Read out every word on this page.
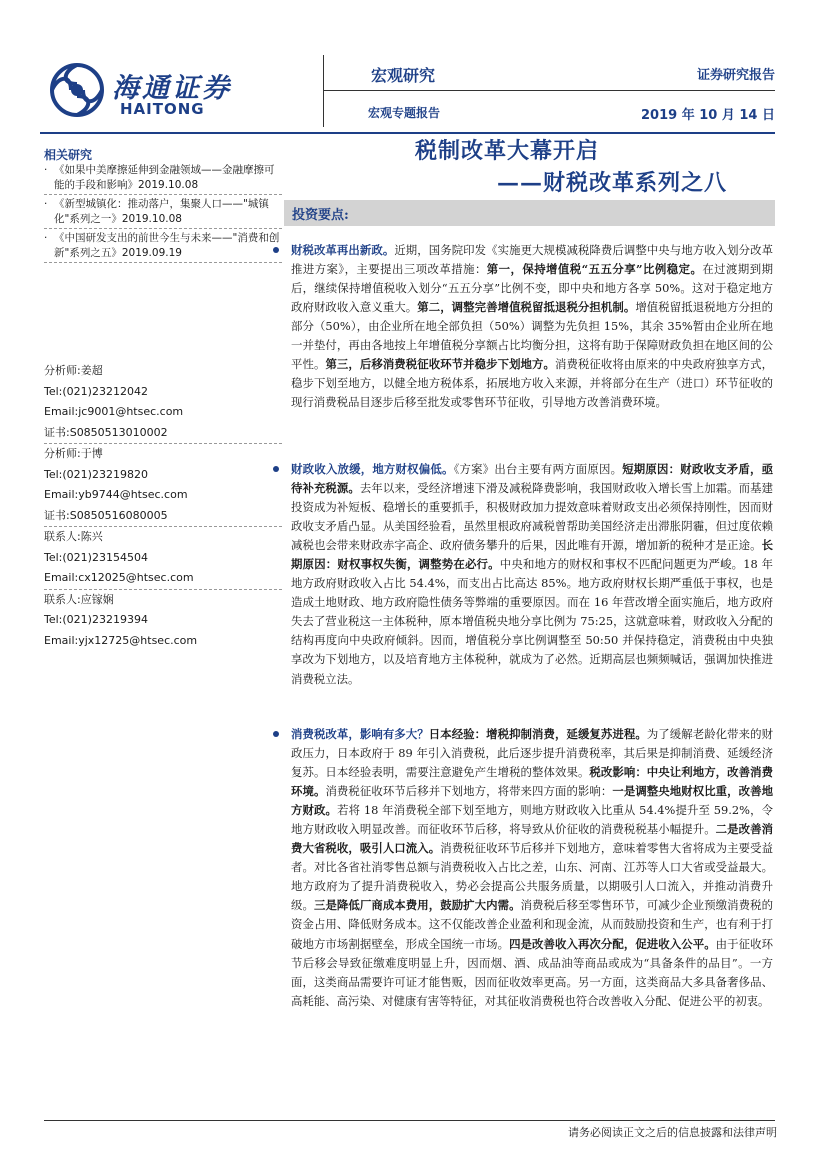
海通证券
HAITONG
宏观研究
宏观专题报告
证券研究报告
2019 年 10 月 14 日
相关研究
· 《如果中美摩擦延伸到金融领域——金融摩擦可能的手段和影响》2019.10.08
· 《新型城镇化：推动落户，集聚人口——"城镇化"系列之一》2019.10.08
· 《中国研发支出的前世今生与未来——"消费和创新"系列之五》2019.09.19
分析师:姜超
Tel:(021)23212042
Email:jc9001@htsec.com
证书:S0850513010002
分析师:于博
Tel:(021)23219820
Email:yb9744@htsec.com
证书:S0850516080005
联系人:陈兴
Tel:(021)23154504
Email:cx12025@htsec.com
联系人:应镓娴
Tel:(021)23219394
Email:yjx12725@htsec.com
税制改革大幕开启
——财税改革系列之八
投资要点:
财税改革再出新政。近期，国务院印发《实施更大规模减税降费后调整中央与地方收入划分改革推进方案》，主要提出三项改革措施：第一，保持增值税“五五分享”比例稳定。在过渡期到期后，继续保持增值税收入划分“五五分享”比例不变，即中央和地方各享 50%。这对于稳定地方政府财政收入意义重大。第二，调整完善增值税留抵退税分担机制。增值税留抵退税地方分担的部分（50%），由企业所在地全部负担（50%）调整为先负担 15%，其余 35%暂由企业所在地一并垫付，再由各地按上年增值税分享额占比均衡分担，这将有助于保障财政负担在地区间的公平性。第三，后移消费税征收环节并稳步下划地方。消费税征收将由原来的中央政府独享方式，稳步下划至地方，以健全地方税体系，拓展地方收入来源，并将部分在生产（进口）环节征收的现行消费税品目逐步后移至批发或零售环节征收，引导地方改善消费环境。
财政收入放缓，地方财权偏低。《方案》出台主要有两方面原因。短期原因：财政收支矛盾，亟待补充税源。去年以来，受经济增速下滑及减税降费影响，我国财政收入增长雪上加霜。而基建投资成为补短板、稳增长的重要抓手，积极财政加力提效意味着财政支出必须保持刚性，因而财政收支矛盾凸显。从美国经验看，虽然里根政府减税曾帮助美国经济走出滞胀阴霾，但过度依赖减税也会带来财政赤字高企、政府债务攀升的后果，因此唯有开源，增加新的税种才是正途。长期原因：财权事权失衡，调整势在必行。中央和地方的财权和事权不匹配问题更为严峻。18 年地方政府财政收入占比 54.4%，而支出占比高达 85%。地方政府财权长期严重低于事权，也是造成土地财政、地方政府隐性债务等弊端的重要原因。而在 16 年营改增全面实施后，地方政府失去了营业税这一主体税种，原本增值税央地分享比例为 75:25，这就意味着，财政收入分配的结构再度向中央政府倾斜。因而，增值税分享比例调整至 50:50 并保持稳定，消费税由中央独享改为下划地方，以及培育地方主体税种，就成为了必然。近期高层也频频喊话，强调加快推进消费税立法。
消费税改革，影响有多大？日本经验：增税抑制消费，延缓复苏进程。为了缓解老龄化带来的财政压力，日本政府于 89 年引入消费税，此后逐步提升消费税率，其后果是抑制消费、延缓经济复苏。日本经验表明，需要注意避免产生增税的整体效果。税改影响：中央让利地方，改善消费环境。消费税征收环节后移并下划地方，将带来四方面的影响：一是调整央地财权比重，改善地方财政。若将 18 年消费税全部下划至地方，则地方财政收入比重从 54.4%提升至 59.2%，令地方财政收入明显改善。而征收环节后移，将导致从价征收的消费税税基小幅提升。二是改善消费大省税收，吸引人口流入。消费税征收环节后移并下划地方，意味着零售大省将成为主要受益者。对比各省社消零售总额与消费税收入占比之差，山东、河南、江苏等人口大省或受益最大。地方政府为了提升消费税收入，势必会提高公共服务质量，以期吸引人口流入，并推动消费升级。三是降低厂商成本费用，鼓励扩大内需。消费税后移至零售环节，可减少企业预缴消费税的资金占用、降低财务成本。这不仅能改善企业盈利和现金流，从而鼓励投资和生产，也有利于打破地方市场割据壁垒，形成全国统一市场。四是改善收入再次分配，促进收入公平。由于征收环节后移会导致征缴难度明显上升，因而烟、酒、成品油等商品或成为“具备条件的品目”。一方面，这类商品需要许可证才能售贩，因而征收效率更高。另一方面，这类商品大多具备奢侈品、高耗能、高污染、对健康有害等特征，对其征收消费税也符合改善收入分配、促进公平的初衷。
请务必阅读正文之后的信息披露和法律声明
